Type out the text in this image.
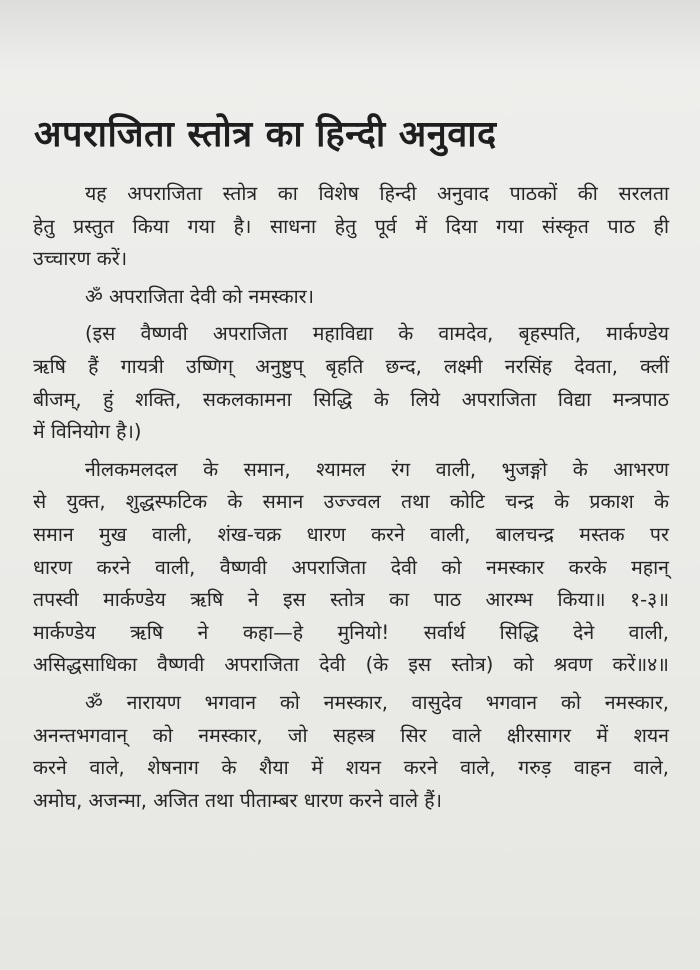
अपराजिता स्तोत्र का हिन्दी अनुवाद
यह अपराजिता स्तोत्र का विशेष हिन्दी अनुवाद पाठकों की सरलता
हेतु प्रस्तुत किया गया है। साधना हेतु पूर्व में दिया गया संस्कृत पाठ ही
उच्चारण करें।
ॐ अपराजिता देवी को नमस्कार।
(इस वैष्णवी अपराजिता महाविद्या के वामदेव, बृहस्पति, मार्कण्डेय
ऋषि हैं गायत्री उष्णिग् अनुष्टुप् बृहति छन्द, लक्ष्मी नरसिंह देवता, क्लीं
बीजम्, हुं शक्ति, सकलकामना सिद्धि के लिये अपराजिता विद्या मन्त्रपाठ
में विनियोग है।)
नीलकमलदल के समान, श्यामल रंग वाली, भुजङ्गो के आभरण
से युक्त, शुद्धस्फटिक के समान उज्ज्वल तथा कोटि चन्द्र के प्रकाश के
समान मुख वाली, शंख-चक्र धारण करने वाली, बालचन्द्र मस्तक पर
धारण करने वाली, वैष्णवी अपराजिता देवी को नमस्कार करके महान्
तपस्वी मार्कण्डेय ऋषि ने इस स्तोत्र का पाठ आरम्भ किया॥ १-३॥
मार्कण्डेय ऋषि ने कहा—हे मुनियो! सर्वार्थ सिद्धि देने वाली,
असिद्धसाधिका वैष्णवी अपराजिता देवी (के इस स्तोत्र) को श्रवण करें॥४॥
ॐ नारायण भगवान को नमस्कार, वासुदेव भगवान को नमस्कार,
अनन्तभगवान् को नमस्कार, जो सहस्त्र सिर वाले क्षीरसागर में शयन
करने वाले, शेषनाग के शैया में शयन करने वाले, गरुड़ वाहन वाले,
अमोघ, अजन्मा, अजित तथा पीताम्बर धारण करने वाले हैं।
